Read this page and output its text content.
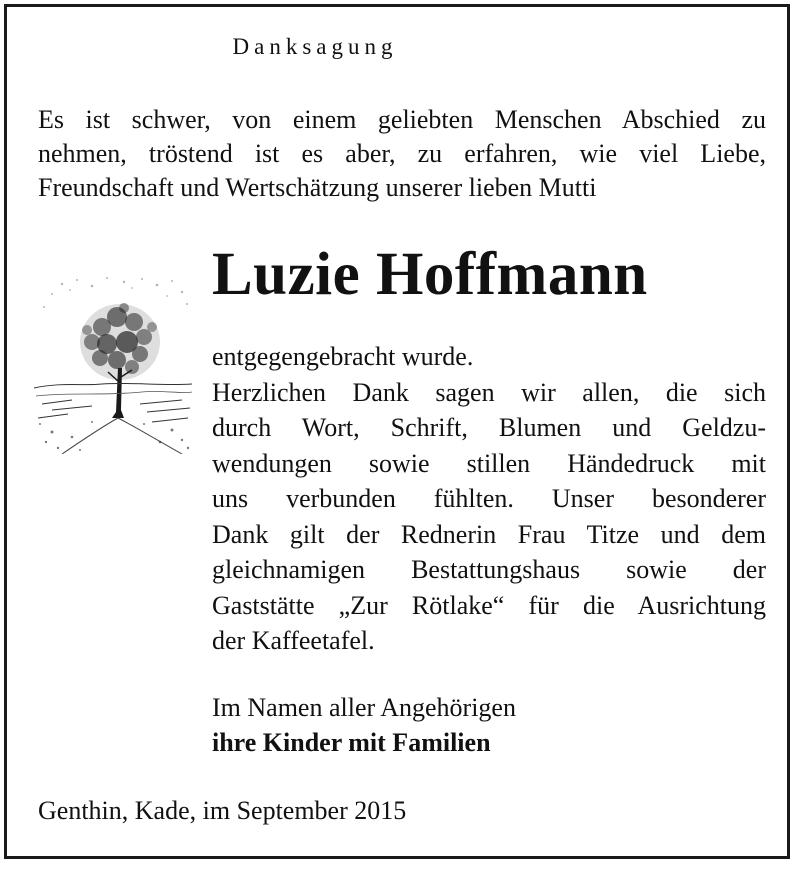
Danksagung
Es ist schwer, von einem geliebten Menschen Abschied zu
nehmen, tröstend ist es aber, zu erfahren, wie viel Liebe,
Freundschaft und Wertschätzung unserer lieben Mutti
Luzie Hoffmann
entgegengebracht wurde.
Herzlichen Dank sagen wir allen, die sich
durch Wort, Schrift, Blumen und Geldzu-
wendungen sowie stillen Händedruck mit
uns verbunden fühlten. Unser besonderer
Dank gilt der Rednerin Frau Titze und dem
gleichnamigen Bestattungshaus sowie der
Gaststätte „Zur Rötlake“ für die Ausrichtung
der Kaffeetafel.
Im Namen aller Angehörigen
ihre Kinder mit Familien
Genthin, Kade, im September 2015
